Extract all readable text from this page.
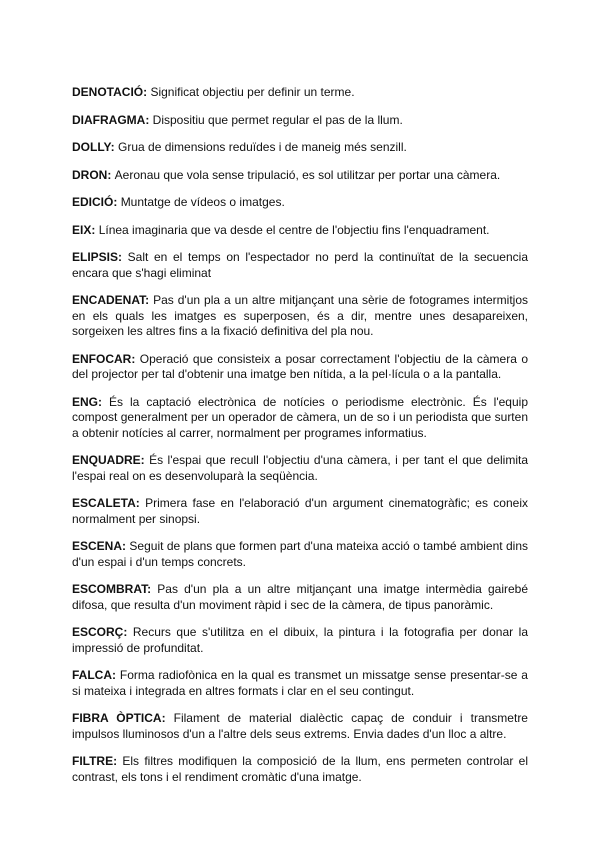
DENOTACIÓ: Significat objectiu per definir un terme.

DIAFRAGMA: Dispositiu que permet regular el pas de la llum.

DOLLY: Grua de dimensions reduïdes i de maneig més senzill.

DRON: Aeronau que vola sense tripulació, es sol utilitzar per portar una càmera.

EDICIÓ: Muntatge de vídeos o imatges.

EIX: Línea imaginaria que va desde el centre de l'objectiu fins l'enquadrament.

ELIPSIS: Salt en el temps on l'espectador no perd la continuïtat de la secuencia encara que s'hagi eliminat

ENCADENAT: Pas d'un pla a un altre mitjançant una sèrie de fotogrames intermitjos en els quals les imatges es superposen, és a dir, mentre unes desapareixen, sorgeixen les altres fins a la fixació definitiva del pla nou.

ENFOCAR: Operació que consisteix a posar correctament l'objectiu de la càmera o del projector per tal d'obtenir una imatge ben nítida, a la pel·lícula o a la pantalla.

ENG: És la captació electrònica de notícies o periodisme electrònic. És l'equip compost generalment per un operador de càmera, un de so i un periodista que surten a obtenir notícies al carrer, normalment per programes informatius.

ENQUADRE: És l'espai que recull l'objectiu d'una càmera, i per tant el que delimita l'espai real on es desenvoluparà la seqüència.

ESCALETA: Primera fase en l'elaboració d'un argument cinematogràfic; es coneix normalment per sinopsi.

ESCENA: Seguit de plans que formen part d'una mateixa acció o també ambient dins d'un espai i d'un temps concrets.

ESCOMBRAT: Pas d'un pla a un altre mitjançant una imatge intermèdia gairebé difosa, que resulta d'un moviment ràpid i sec de la càmera, de tipus panoràmic.

ESCORÇ: Recurs que s'utilitza en el dibuix, la pintura i la fotografia per donar la impressió de profunditat.

FALCA: Forma radiofònica en la qual es transmet un missatge sense presentar-se a si mateixa i integrada en altres formats i clar en el seu contingut.

FIBRA ÒPTICA: Filament de material dialèctic capaç de conduir i transmetre impulsos lluminosos d'un a l'altre dels seus extrems. Envia dades d'un lloc a altre.

FILTRE: Els filtres modifiquen la composició de la llum, ens permeten controlar el contrast, els tons i el rendiment cromàtic d'una imatge.
